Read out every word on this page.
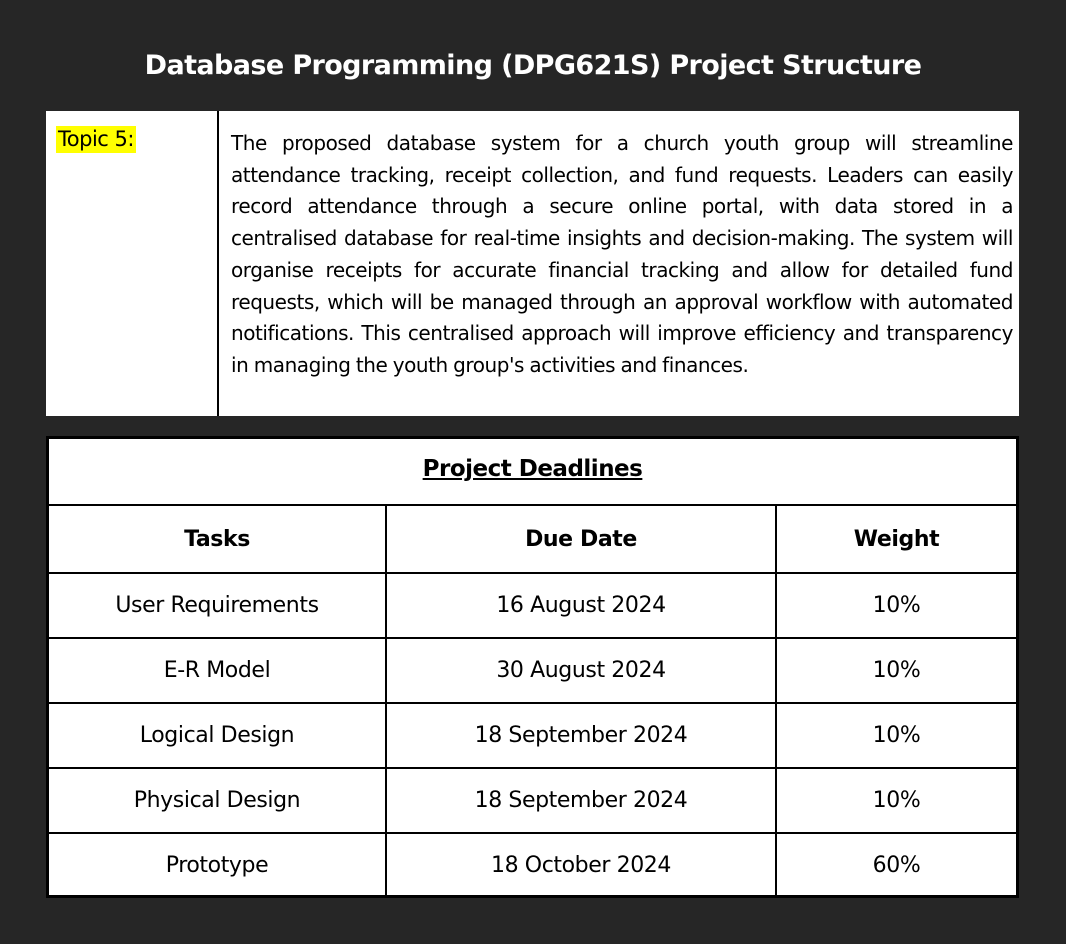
Database Programming (DPG621S) Project Structure
Topic 5:	The proposed database system for a church youth group will streamline attendance tracking, receipt collection, and fund requests. Leaders can easily record attendance through a secure online portal, with data stored in a centralised database for real-time insights and decision-making. The system will organise receipts for accurate financial tracking and allow for detailed fund requests, which will be managed through an approval workflow with automated notifications. This centralised approach will improve efficiency and transparency in managing the youth group's activities and finances.

Project Deadlines
Tasks	Due Date	Weight
User Requirements	16 August 2024	10%
E-R Model	30 August 2024	10%
Logical Design	18 September 2024	10%
Physical Design	18 September 2024	10%
Prototype	18 October 2024	60%
